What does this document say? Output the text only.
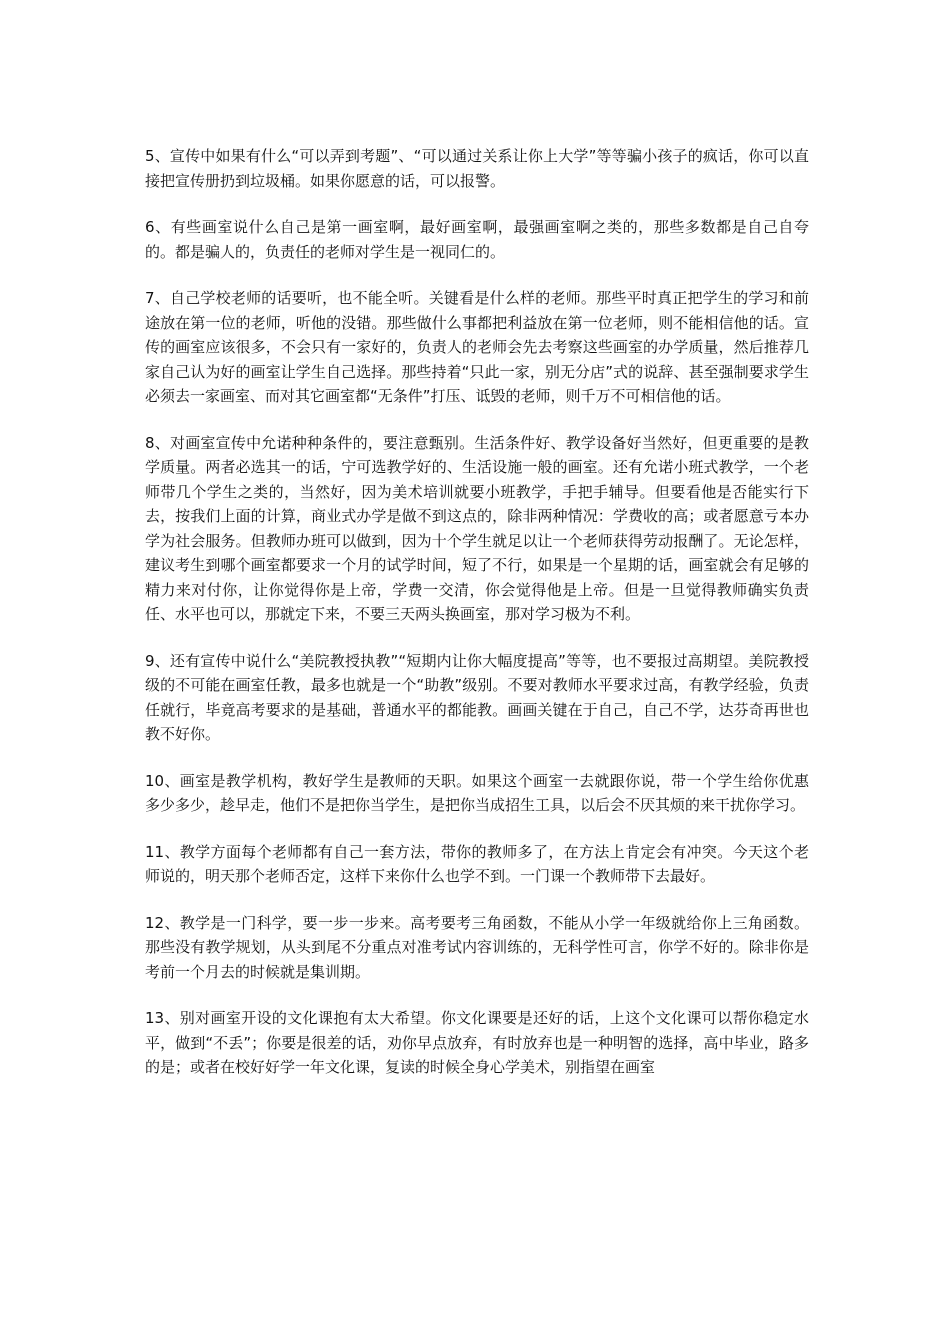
5、宣传中如果有什么“可以弄到考题”、“可以通过关系让你上大学”等等骗小孩子的疯话，你可以直接把宣传册扔到垃圾桶。如果你愿意的话，可以报警。

6、有些画室说什么自己是第一画室啊，最好画室啊，最强画室啊之类的，那些多数都是自己自夸的。都是骗人的，负责任的老师对学生是一视同仁的。

7、自己学校老师的话要听，也不能全听。关键看是什么样的老师。那些平时真正把学生的学习和前途放在第一位的老师，听他的没错。那些做什么事都把利益放在第一位老师，则不能相信他的话。宣传的画室应该很多，不会只有一家好的，负责人的老师会先去考察这些画室的办学质量，然后推荐几家自己认为好的画室让学生自己选择。那些持着“只此一家，别无分店”式的说辞、甚至强制要求学生必须去一家画室、而对其它画室都“无条件”打压、诋毁的老师，则千万不可相信他的话。

8、对画室宣传中允诺种种条件的，要注意甄别。生活条件好、教学设备好当然好，但更重要的是教学质量。两者必选其一的话，宁可选教学好的、生活设施一般的画室。还有允诺小班式教学，一个老师带几个学生之类的，当然好，因为美术培训就要小班教学，手把手辅导。但要看他是否能实行下去，按我们上面的计算，商业式办学是做不到这点的，除非两种情况：学费收的高；或者愿意亏本办学为社会服务。但教师办班可以做到，因为十个学生就足以让一个老师获得劳动报酬了。无论怎样，建议考生到哪个画室都要求一个月的试学时间，短了不行，如果是一个星期的话，画室就会有足够的精力来对付你，让你觉得你是上帝，学费一交清，你会觉得他是上帝。但是一旦觉得教师确实负责任、水平也可以，那就定下来，不要三天两头换画室，那对学习极为不利。

9、还有宣传中说什么“美院教授执教”“短期内让你大幅度提高”等等，也不要报过高期望。美院教授级的不可能在画室任教，最多也就是一个“助教”级别。不要对教师水平要求过高，有教学经验，负责任就行，毕竟高考要求的是基础，普通水平的都能教。画画关键在于自己，自己不学，达芬奇再世也教不好你。

10、画室是教学机构，教好学生是教师的天职。如果这个画室一去就跟你说，带一个学生给你优惠多少多少，趁早走，他们不是把你当学生，是把你当成招生工具，以后会不厌其烦的来干扰你学习。

11、教学方面每个老师都有自己一套方法，带你的教师多了，在方法上肯定会有冲突。今天这个老师说的，明天那个老师否定，这样下来你什么也学不到。一门课一个教师带下去最好。

12、教学是一门科学，要一步一步来。高考要考三角函数，不能从小学一年级就给你上三角函数。那些没有教学规划，从头到尾不分重点对准考试内容训练的，无科学性可言，你学不好的。除非你是考前一个月去的时候就是集训期。

13、别对画室开设的文化课抱有太大希望。你文化课要是还好的话，上这个文化课可以帮你稳定水平，做到“不丢”；你要是很差的话，劝你早点放弃，有时放弃也是一种明智的选择，高中毕业，路多的是；或者在校好好学一年文化课，复读的时候全身心学美术，别指望在画室
